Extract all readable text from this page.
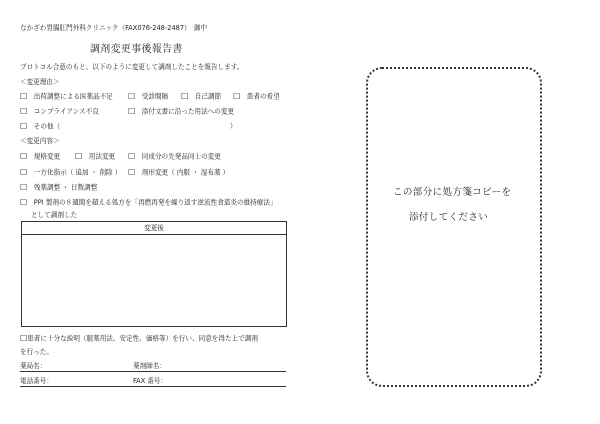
なかざわ胃腸肛門外科クリニック（FAX076-248-2487）　御中
調剤変更事後報告書
プロトコル合意のもと、以下のように変更して調剤したことを報告します。
＜変更理由＞
☐　 出荷調整による医薬品不足 ☐　 受診間隔 ☐　 自己調節 ☐　 患者の希望
☐　 コンプライアンス不良	☐　 添付文書に沿った用法への変更
☐　 その他（	）
＜変更内容＞
☐　 規格変更 ☐　 用法変更 ☐　 同成分の先発品同士の変更
☐　 一方化指示（ 追加 ・ 削除 ） ☐　 剤形変更（ 内服 ・ 湿布薬 ）
☐　 残薬調整 ・ 日数調整
☐　 PPI 製剤の８週間を超える処方を「再燃再発を繰り返す逆流性食道炎の維持療法」
として調剤した
変更後
☐患者に十分な説明（服薬用法、安定性、価格等）を行い、同意を得た上で調剤
を行った。
薬局名：	薬剤師名：
電話番号：	FAX 番号：
この部分に処方箋コピーを
添付してください
